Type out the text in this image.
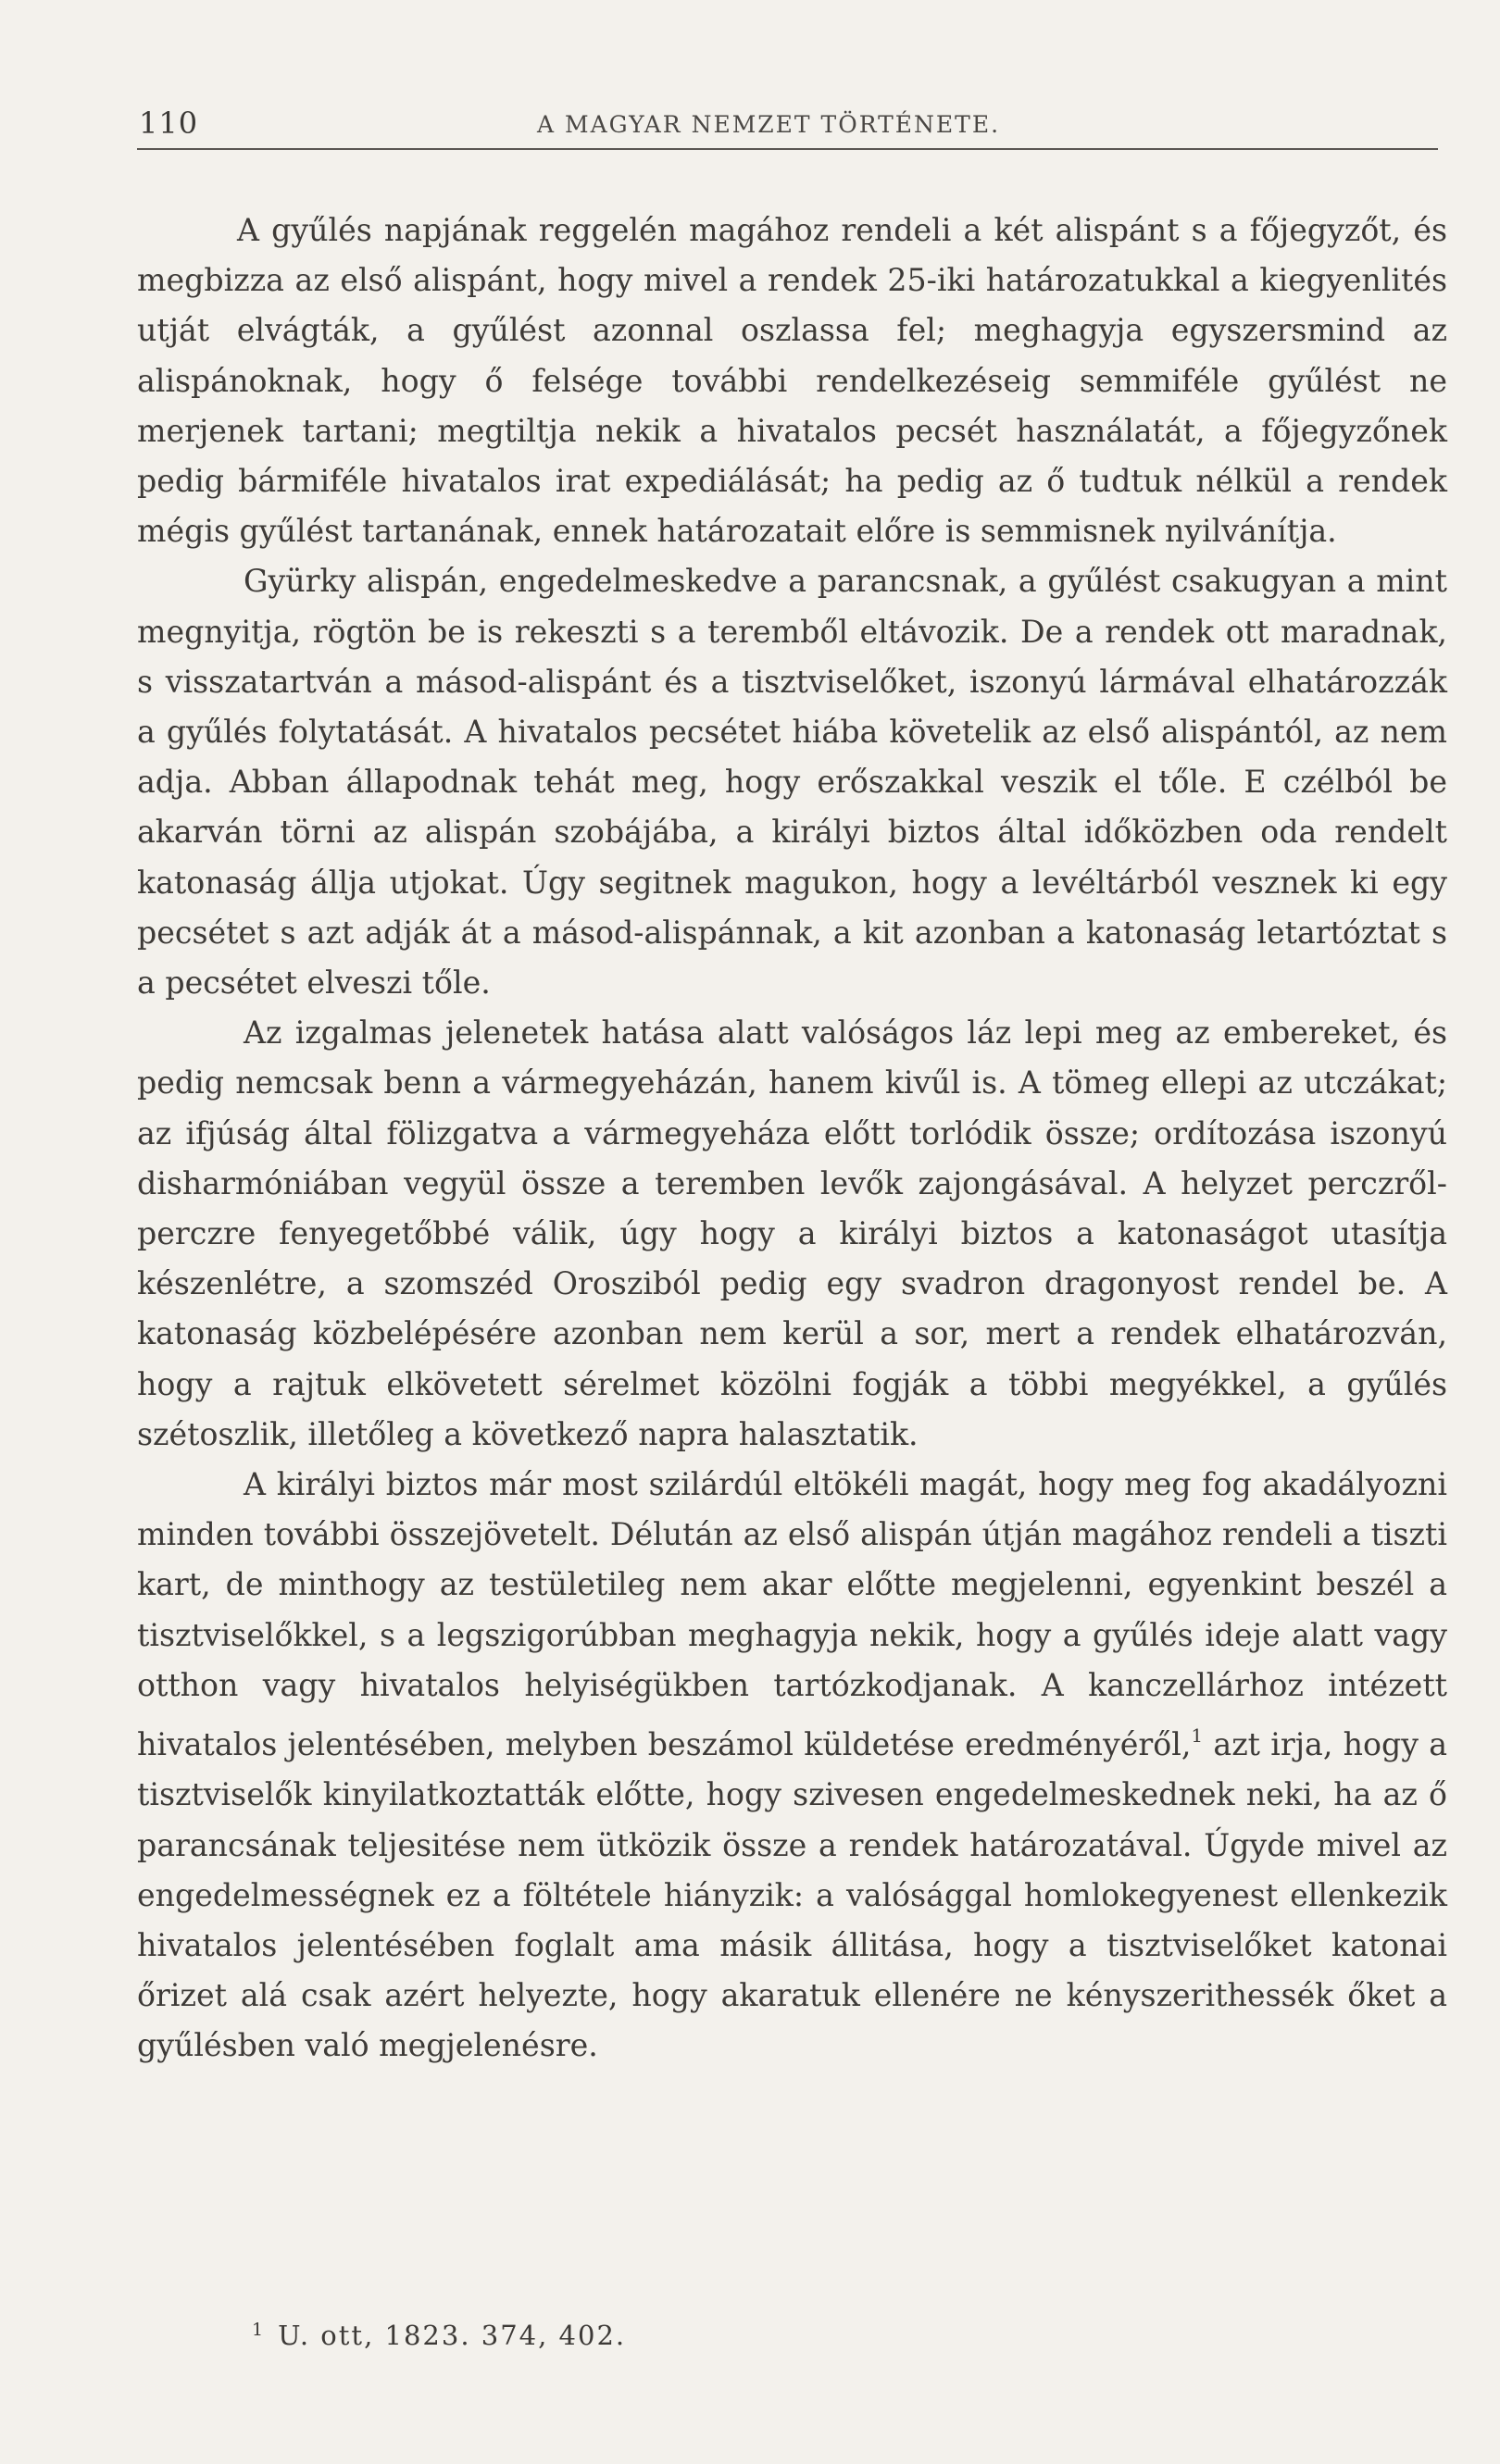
110	A MAGYAR NEMZET TÖRTÉNETE.

A gyűlés napjának reggelén magához rendeli a két alispánt s a főjegyzőt, és megbizza az első alispánt, hogy mivel a rendek 25-iki határozatukkal a kiegyenlités utját elvágták, a gyűlést azonnal oszlassa fel; meghagyja egyszersmind az alispánoknak, hogy ő felsége további rendelkezéseig semmiféle gyűlést ne merjenek tartani; megtiltja nekik a hivatalos pecsét használatát, a főjegyzőnek pedig bármiféle hivatalos irat expediálását; ha pedig az ő tudtuk nélkül a rendek mégis gyűlést tartanának, ennek határozatait előre is semmisnek nyilvánítja.

Gyürky alispán, engedelmeskedve a parancsnak, a gyűlést csakugyan a mint megnyitja, rögtön be is rekeszti s a teremből eltávozik. De a rendek ott maradnak, s visszatartván a másod-alispánt és a tisztviselőket, iszonyú lármával elhatározzák a gyűlés folytatását. A hivatalos pecsétet hiába követelik az első alispántól, az nem adja. Abban állapodnak tehát meg, hogy erőszakkal veszik el tőle. E czélból be akarván törni az alispán szobájába, a királyi biztos által időközben oda rendelt katonaság állja utjokat. Úgy segitnek magukon, hogy a levéltárból vesznek ki egy pecsétet s azt adják át a másod-alispánnak, a kit azonban a katonaság letartóztat s a pecsétet elveszi tőle.

Az izgalmas jelenetek hatása alatt valóságos láz lepi meg az embereket, és pedig nemcsak benn a vármegyeházán, hanem kivűl is. A tömeg ellepi az utczákat; az ifjúság által fölizgatva a vármegyeháza előtt torlódik össze; ordítozása iszonyú disharmóniában vegyül össze a teremben levők zajongásával. A helyzet perczről-perczre fenyegetőbbé válik, úgy hogy a királyi biztos a katonaságot utasítja készenlétre, a szomszéd Orosziból pedig egy svadron dragonyost rendel be. A katonaság közbelépésére azonban nem kerül a sor, mert a rendek elhatározván, hogy a rajtuk elkövetett sérelmet közölni fogják a többi megyékkel, a gyűlés szétoszlik, illetőleg a következő napra halasztatik.

A királyi biztos már most szilárdúl eltökéli magát, hogy meg fog akadályozni minden további összejövetelt. Délután az első alispán útján magához rendeli a tiszti kart, de minthogy az testületileg nem akar előtte megjelenni, egyenkint beszél a tisztviselőkkel, s a legszigorúbban meghagyja nekik, hogy a gyűlés ideje alatt vagy otthon vagy hivatalos helyiségükben tartózkodjanak. A kanczellárhoz intézett hivatalos jelentésében, melyben beszámol küldetése eredményéről,$^1$ azt irja, hogy a tisztviselők kinyilatkoztatták előtte, hogy szivesen engedelmeskednek neki, ha az ő parancsának teljesitése nem ütközik össze a rendek határozatával. Úgyde mivel az engedelmességnek ez a föltétele hiányzik: a valósággal homlokegyenest ellenkezik hivatalos jelentésében foglalt ama másik állitása, hogy a tisztviselőket katonai őrizet alá csak azért helyezte, hogy akaratuk ellenére ne kényszerithessék őket a gyűlésben való megjelenésre.

$^1$ U. ott, 1823. 374, 402.
